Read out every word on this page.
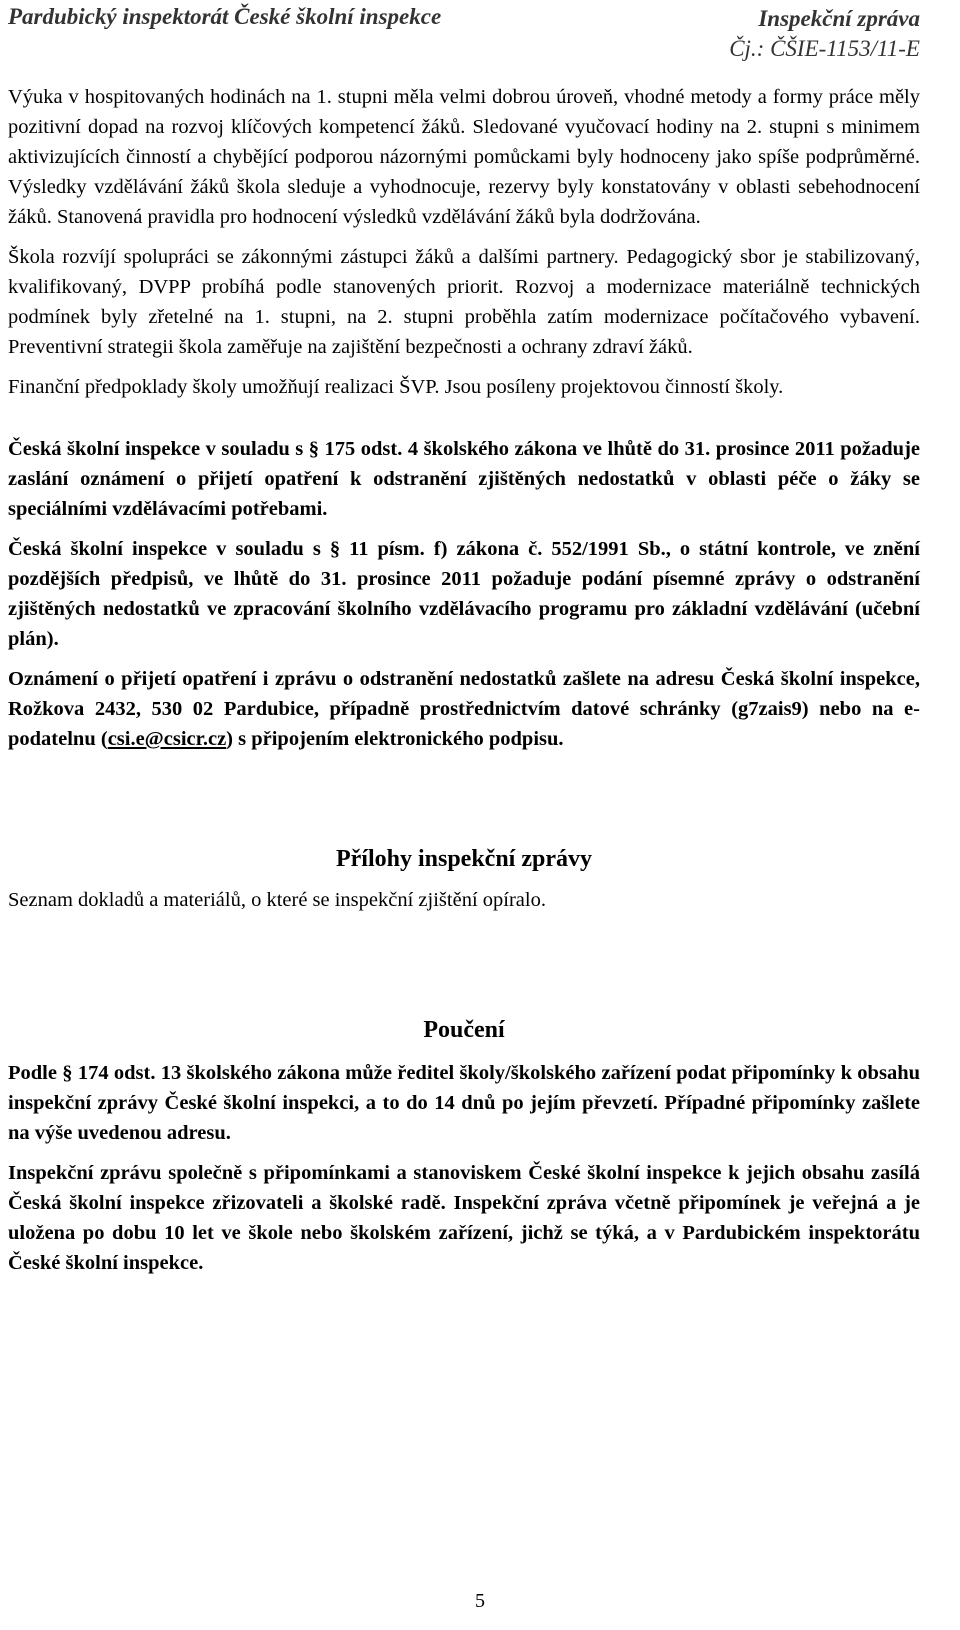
Pardubický inspektorát České školní inspekce	Inspekční zpráva
Čj.: ČŠIE-1153/11-E

Výuka v hospitovaných hodinách na 1. stupni měla velmi dobrou úroveň, vhodné metody a formy práce měly pozitivní dopad na rozvoj klíčových kompetencí žáků. Sledované vyučovací hodiny na 2. stupni s minimem aktivizujících činností a chybějící podporou názornými pomůckami byly hodnoceny jako spíše podprůměrné. Výsledky vzdělávání žáků škola sleduje a vyhodnocuje, rezervy byly konstatovány v oblasti sebehodnocení žáků. Stanovená pravidla pro hodnocení výsledků vzdělávání žáků byla dodržována.

Škola rozvíjí spolupráci se zákonnými zástupci žáků a dalšími partnery. Pedagogický sbor je stabilizovaný, kvalifikovaný, DVPP probíhá podle stanovených priorit. Rozvoj a modernizace materiálně technických podmínek byly zřetelné na 1. stupni, na 2. stupni proběhla zatím modernizace počítačového vybavení. Preventivní strategii škola zaměřuje na zajištění bezpečnosti a ochrany zdraví žáků.

Finanční předpoklady školy umožňují realizaci ŠVP. Jsou posíleny projektovou činností školy.

Česká školní inspekce v souladu s § 175 odst. 4 školského zákona ve lhůtě do 31. prosince 2011 požaduje zaslání oznámení o přijetí opatření k odstranění zjištěných nedostatků v oblasti péče o žáky se speciálními vzdělávacími potřebami.

Česká školní inspekce v souladu s § 11 písm. f) zákona č. 552/1991 Sb., o státní kontrole, ve znění pozdějších předpisů, ve lhůtě do 31. prosince 2011 požaduje podání písemné zprávy o odstranění zjištěných nedostatků ve zpracování školního vzdělávacího programu pro základní vzdělávání (učební plán).

Oznámení o přijetí opatření i zprávu o odstranění nedostatků zašlete na adresu Česká školní inspekce, Rožkova 2432, 530 02 Pardubice, případně prostřednictvím datové schránky (g7zais9) nebo na e-podatelnu (csi.e@csicr.cz) s připojením elektronického podpisu.

Přílohy inspekční zprávy

Seznam dokladů a materiálů, o které se inspekční zjištění opíralo.

Poučení

Podle § 174 odst. 13 školského zákona může ředitel školy/školského zařízení podat připomínky k obsahu inspekční zprávy České školní inspekci, a to do 14 dnů po jejím převzetí. Případné připomínky zašlete na výše uvedenou adresu.

Inspekční zprávu společně s připomínkami a stanoviskem České školní inspekce k jejich obsahu zasílá Česká školní inspekce zřizovateli a školské radě. Inspekční zpráva včetně připomínek je veřejná a je uložena po dobu 10 let ve škole nebo školském zařízení, jichž se týká, a v Pardubickém inspektorátu České školní inspekce.

5
